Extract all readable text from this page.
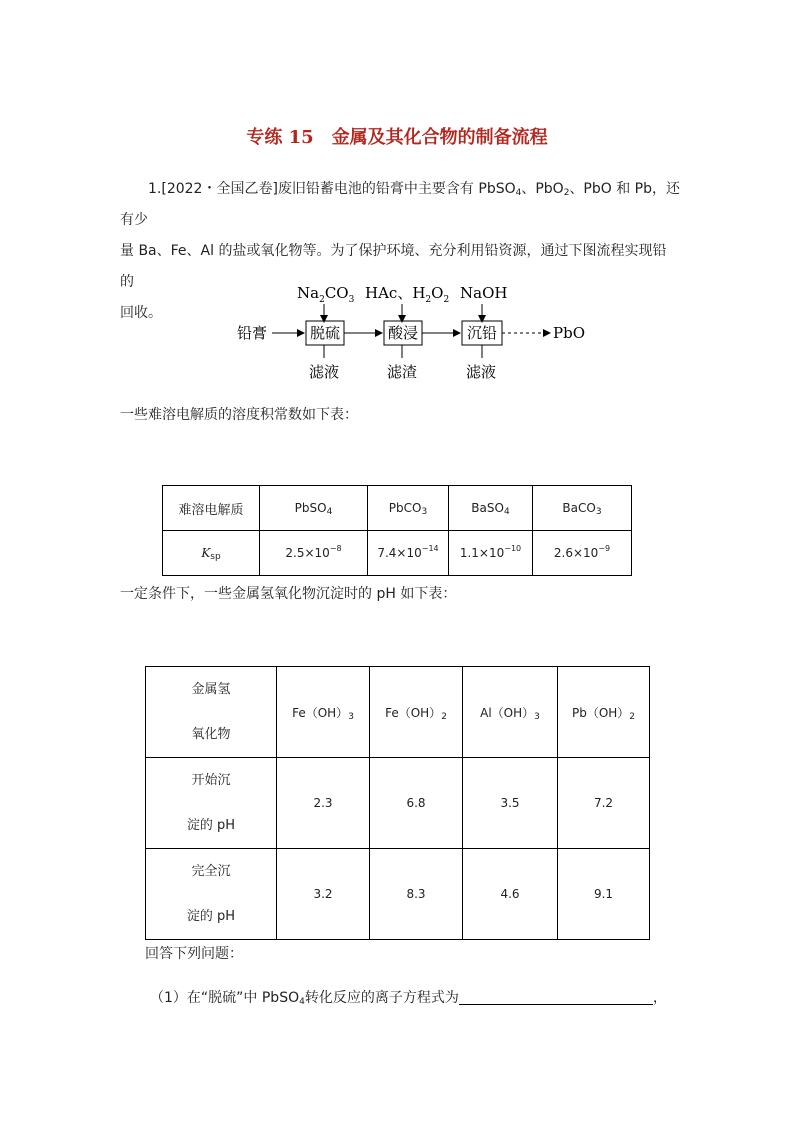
专练 15　金属及其化合物的制备流程
1.[2022・全国乙卷]废旧铅蓄电池的铅膏中主要含有 PbSO$_4$、PbO$_2$、PbO 和 Pb，还有少
量 Ba、Fe、Al 的盐或氧化物等。为了保护环境、充分利用铅资源，通过下图流程实现铅的
回收。
$Na_2CO_3$ HAc、$H_2O_2$ NaOH
铅膏	脱硫	酸浸	沉铅	PbO
滤液	滤渣	滤液
一些难溶电解质的溶度积常数如下表：
难溶电解质	PbSO$_4$	PbCO$_3$	BaSO$_4$	BaCO$_3$
$K_{sp}$	$2.5\times 10^{-8}$	$7.4\times 10^{-14}$	$1.1\times 10^{-10}$	$2.6\times 10^{-9}$
一定条件下，一些金属氢氧化物沉淀时的 pH 如下表：
金属氢
氧化物	$Fe(OH)_3$	$Fe(OH)_2$	$Al(OH)_3$	$Pb(OH)_2$

开始沉
淀的 pH	2.3	6.8	3.5	7.2

完全沉
淀的 pH	3.2	8.3	4.6	9.1
回答下列问题：
（1）在“脱硫”中 PbSO$_4$转化反应的离子方程式为	，
